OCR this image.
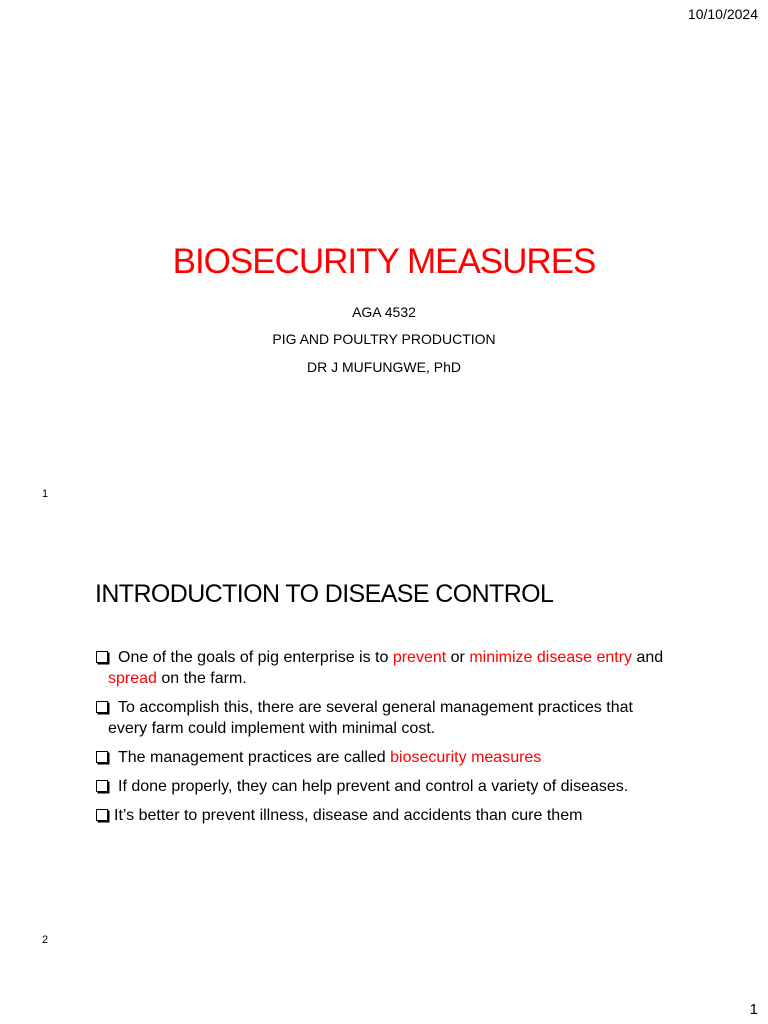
10/10/2024
BIOSECURITY MEASURES
AGA 4532
PIG AND POULTRY PRODUCTION
DR J MUFUNGWE, PhD
1
INTRODUCTION TO DISEASE CONTROL
One of the goals of pig enterprise is to prevent or minimize disease entry and spread on the farm.
To accomplish this, there are several general management practices that every farm could implement with minimal cost.
The management practices are called biosecurity measures
If done properly, they can help prevent and control a variety of diseases.
It’s better to prevent illness, disease and accidents than cure them
2
1
